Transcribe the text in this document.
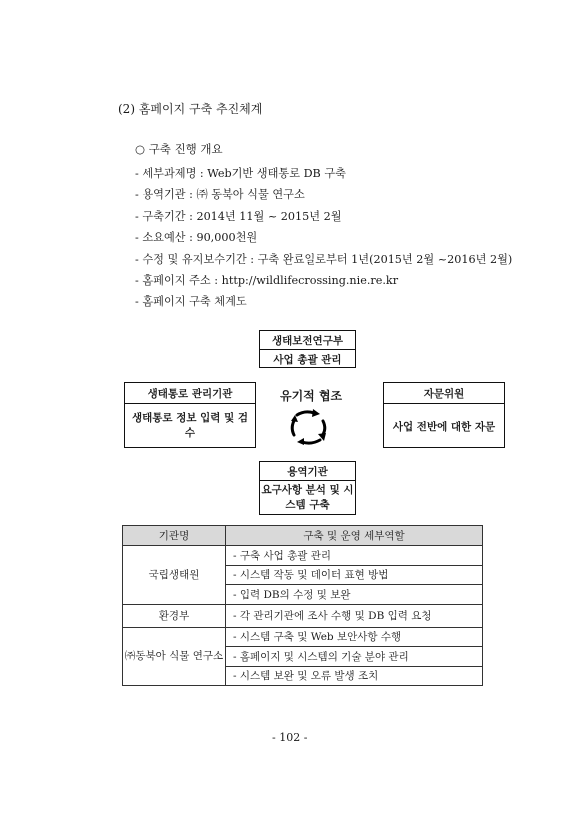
(2) 홈페이지 구축 추진체계
○ 구축 진행 개요
- 세부과제명 : Web기반 생태통로 DB 구축
- 용역기관 : ㈜ 동북아 식물 연구소
- 구축기간 : 2014년 11월 ~ 2015년 2월
- 소요예산 : 90,000천원
- 수정 및 유지보수기간 : 구축 완료일로부터 1년(2015년 2월 ~2016년 2월)
- 홈페이지 주소 : http://wildlifecrossing.nie.re.kr
- 홈페이지 구축 체계도
생태보전연구부
사업 총괄 관리
생태통로 관리기관
생태통로 정보 입력 및 검수
유기적 협조	자문위원
사업 전반에 대한 자문
용역기관
요구사항 분석 및 시스템 구축
기관명	구축 및 운영 세부역할
국립생태원	- 구축 사업 총괄 관리
	- 시스템 작동 및 데이터 표현 방법
	- 입력 DB의 수정 및 보완
환경부	- 각 관리기관에 조사 수행 및 DB 입력 요청
㈜동북아 식물 연구소	- 시스템 구축 및 Web 보안사항 수행
	- 홈페이지 및 시스템의 기술 분야 관리
	- 시스템 보완 및 오류 발생 조치
- 102 -
